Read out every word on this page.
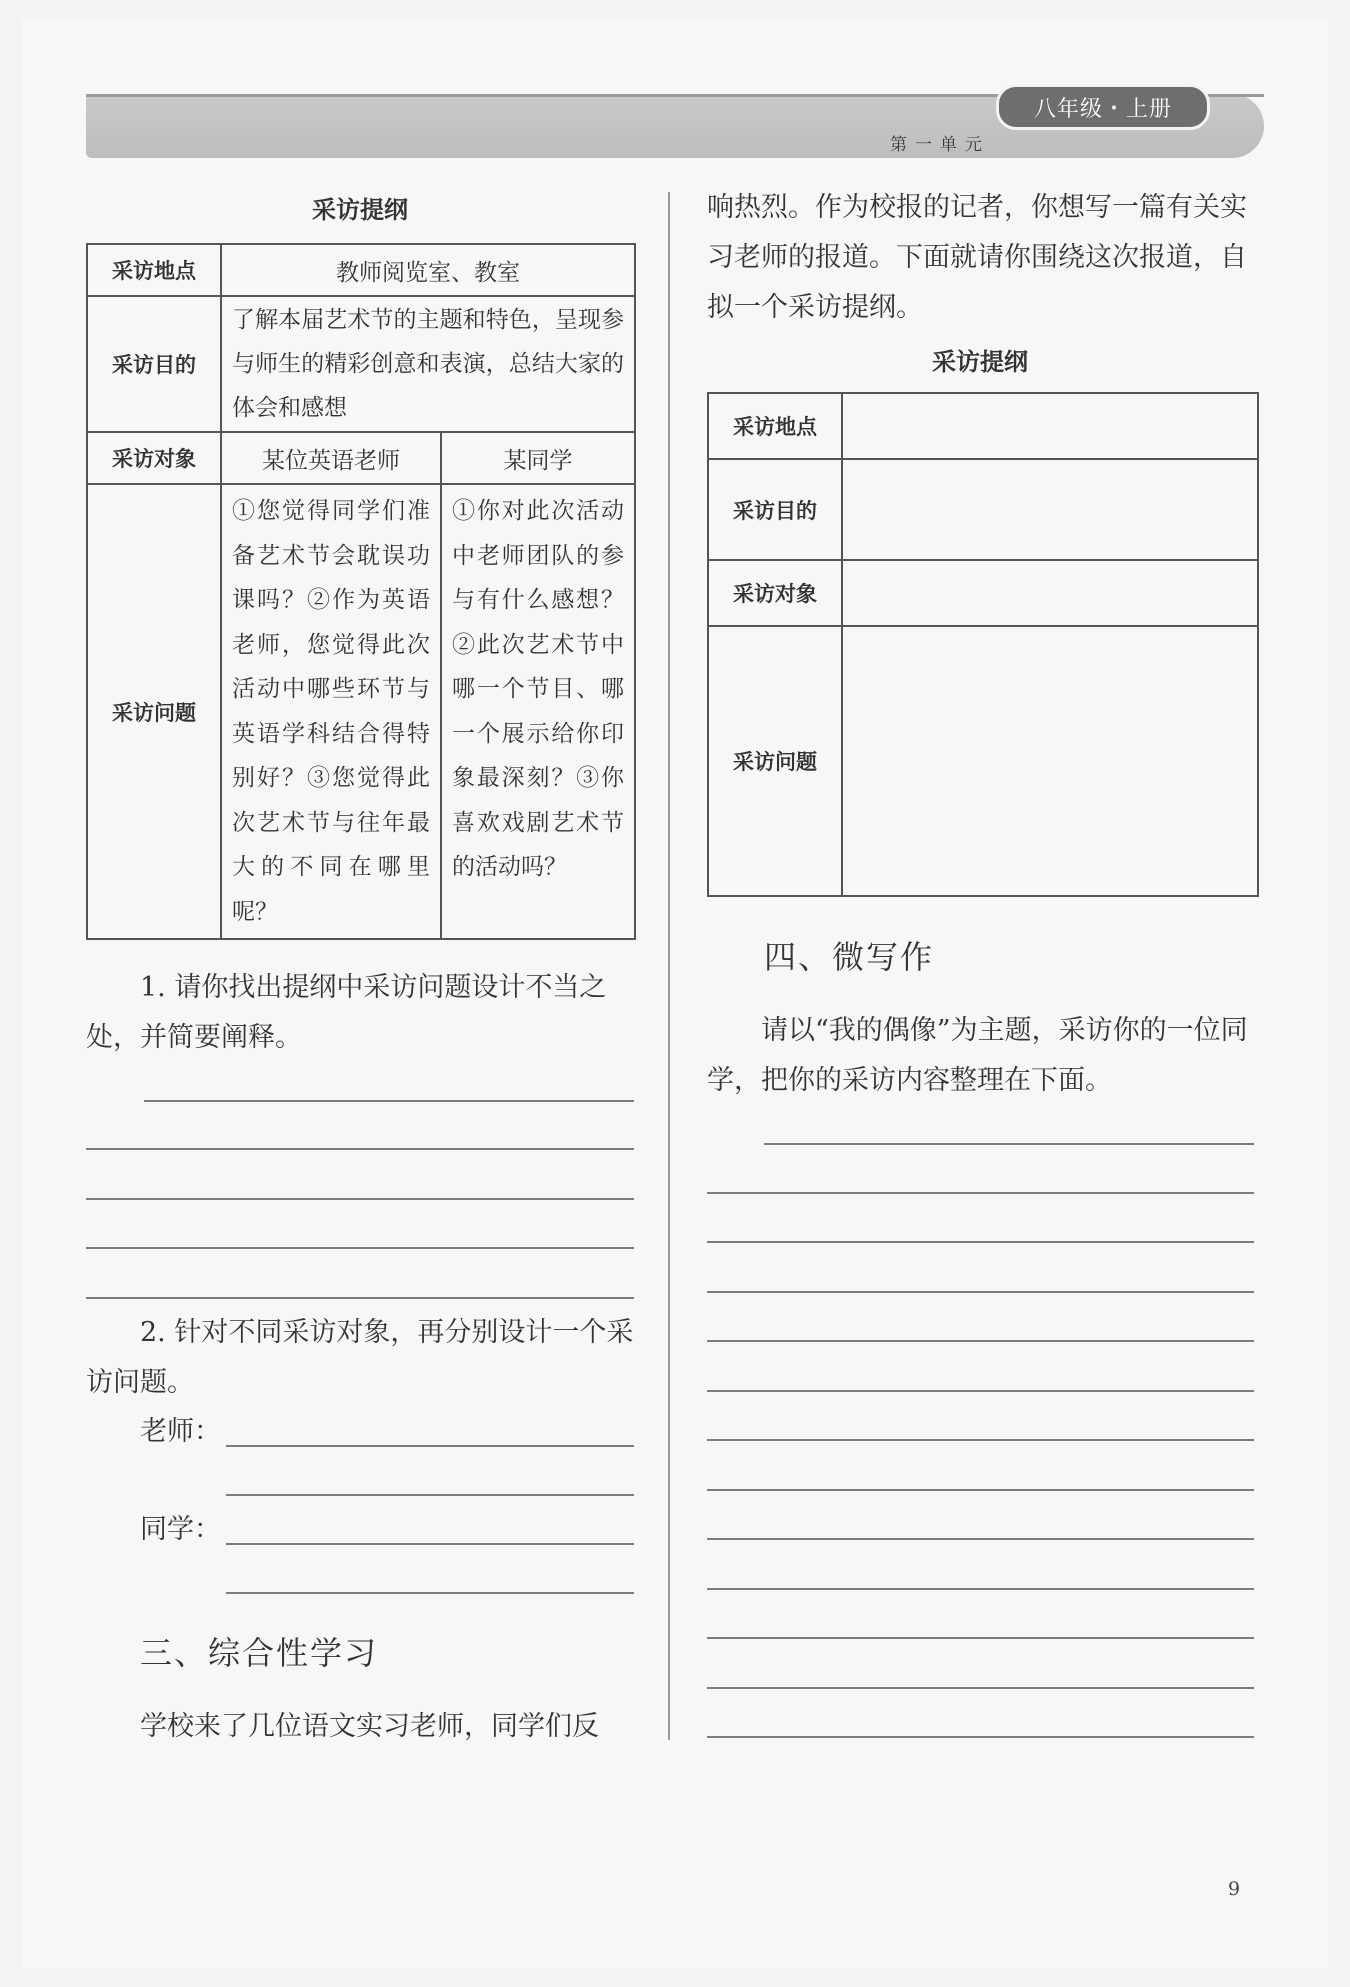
八年级・上册
第一单元
采访提纲
采访地点	教师阅览室、教室	
采访目的	了解本届艺术节的主题和特色，呈现参与师生的精彩创意和表演，总结大家的体会和感想	
采访对象	某位英语老师	某同学
采访问题	①您觉得同学们准备艺术节会耽误功课吗？②作为英语老师，您觉得此次活动中哪些环节与英语学科结合得特别好？③您觉得此次艺术节与往年最大的不同在哪里呢？	①你对此次活动中老师团队的参与有什么感想？②此次艺术节中哪一个节目、哪一个展示给你印象最深刻？③你喜欢戏剧艺术节的活动吗？
1. 请你找出提纲中采访问题设计不当之处，并简要阐释。
2. 针对不同采访对象，再分别设计一个采访问题。
老师：
同学：
三、综合性学习
学校来了几位语文实习老师，同学们反
响热烈。作为校报的记者，你想写一篇有关实习老师的报道。下面就请你围绕这次报道，自拟一个采访提纲。
采访提纲
采访地点	
采访目的	
采访对象	
采访问题	
四、微写作
请以“我的偶像”为主题，采访你的一位同学，把你的采访内容整理在下面。
9
